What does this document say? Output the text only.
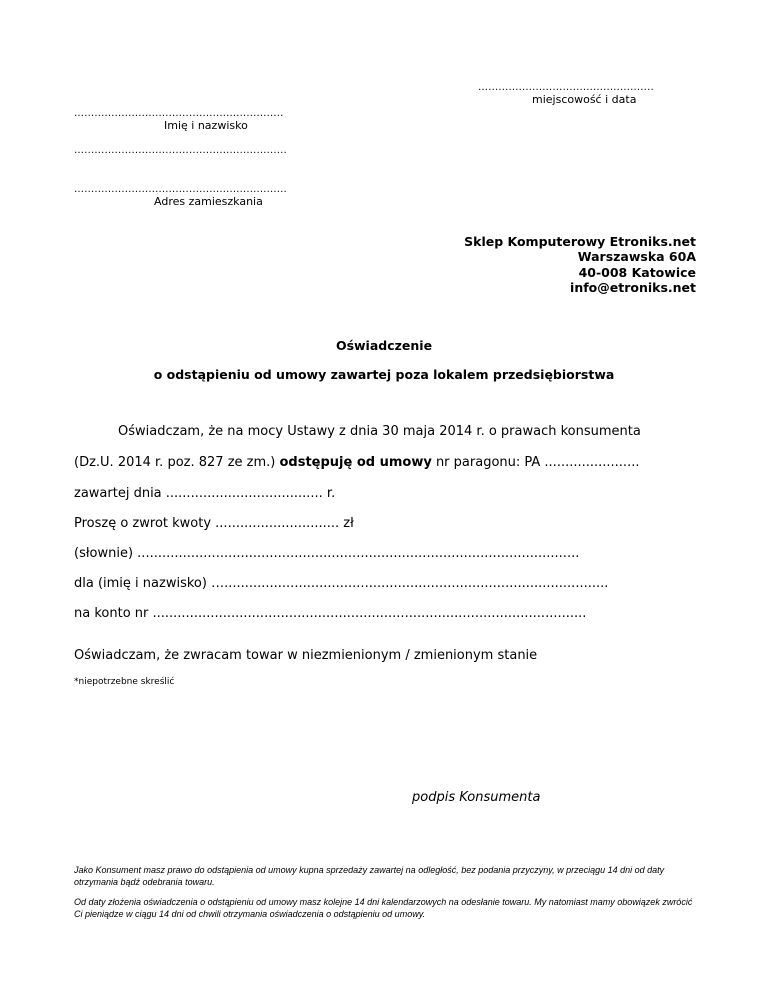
…...................…...........................
miejscowość i data
…...........................................................
Imię i nazwisko
…............................................................
…............................................................
Adres zamieszkania
Sklep Komputerowy Etroniks.net
Warszawska 60A
40-008 Katowice
info@etroniks.net
Oświadczenie
o odstąpieniu od umowy zawartej poza lokalem przedsiębiorstwa
Oświadczam, że na mocy Ustawy z dnia 30 maja 2014 r. o prawach konsumenta
(Dz.U. 2014 r. poz. 827 ze zm.) odstępuję od umowy nr paragonu: PA .......................
zawartej dnia ...................................... r.
Proszę o zwrot kwoty .............................. zł
(słownie) ...........................................................................................................
dla (imię i nazwisko) ….............................................................................................
na konto nr .........................................................................................................
Oświadczam, że zwracam towar w niezmienionym / zmienionym stanie
*niepotrzebne skreślić
podpis Konsumenta
Jako Konsument masz prawo do odstąpienia od umowy kupna sprzedaży zawartej na odległość, bez podania przyczyny, w przeciągu 14 dni od daty otrzymania bądź odebrania towaru.
Od daty złożenia oświadczenia o odstąpieniu od umowy masz kolejne 14 dni kalendarzowych na odesłanie towaru. My natomiast mamy obowiązek zwrócić Ci pieniądze w ciągu 14 dni od chwili otrzymania oświadczenia o odstąpieniu od umowy.
